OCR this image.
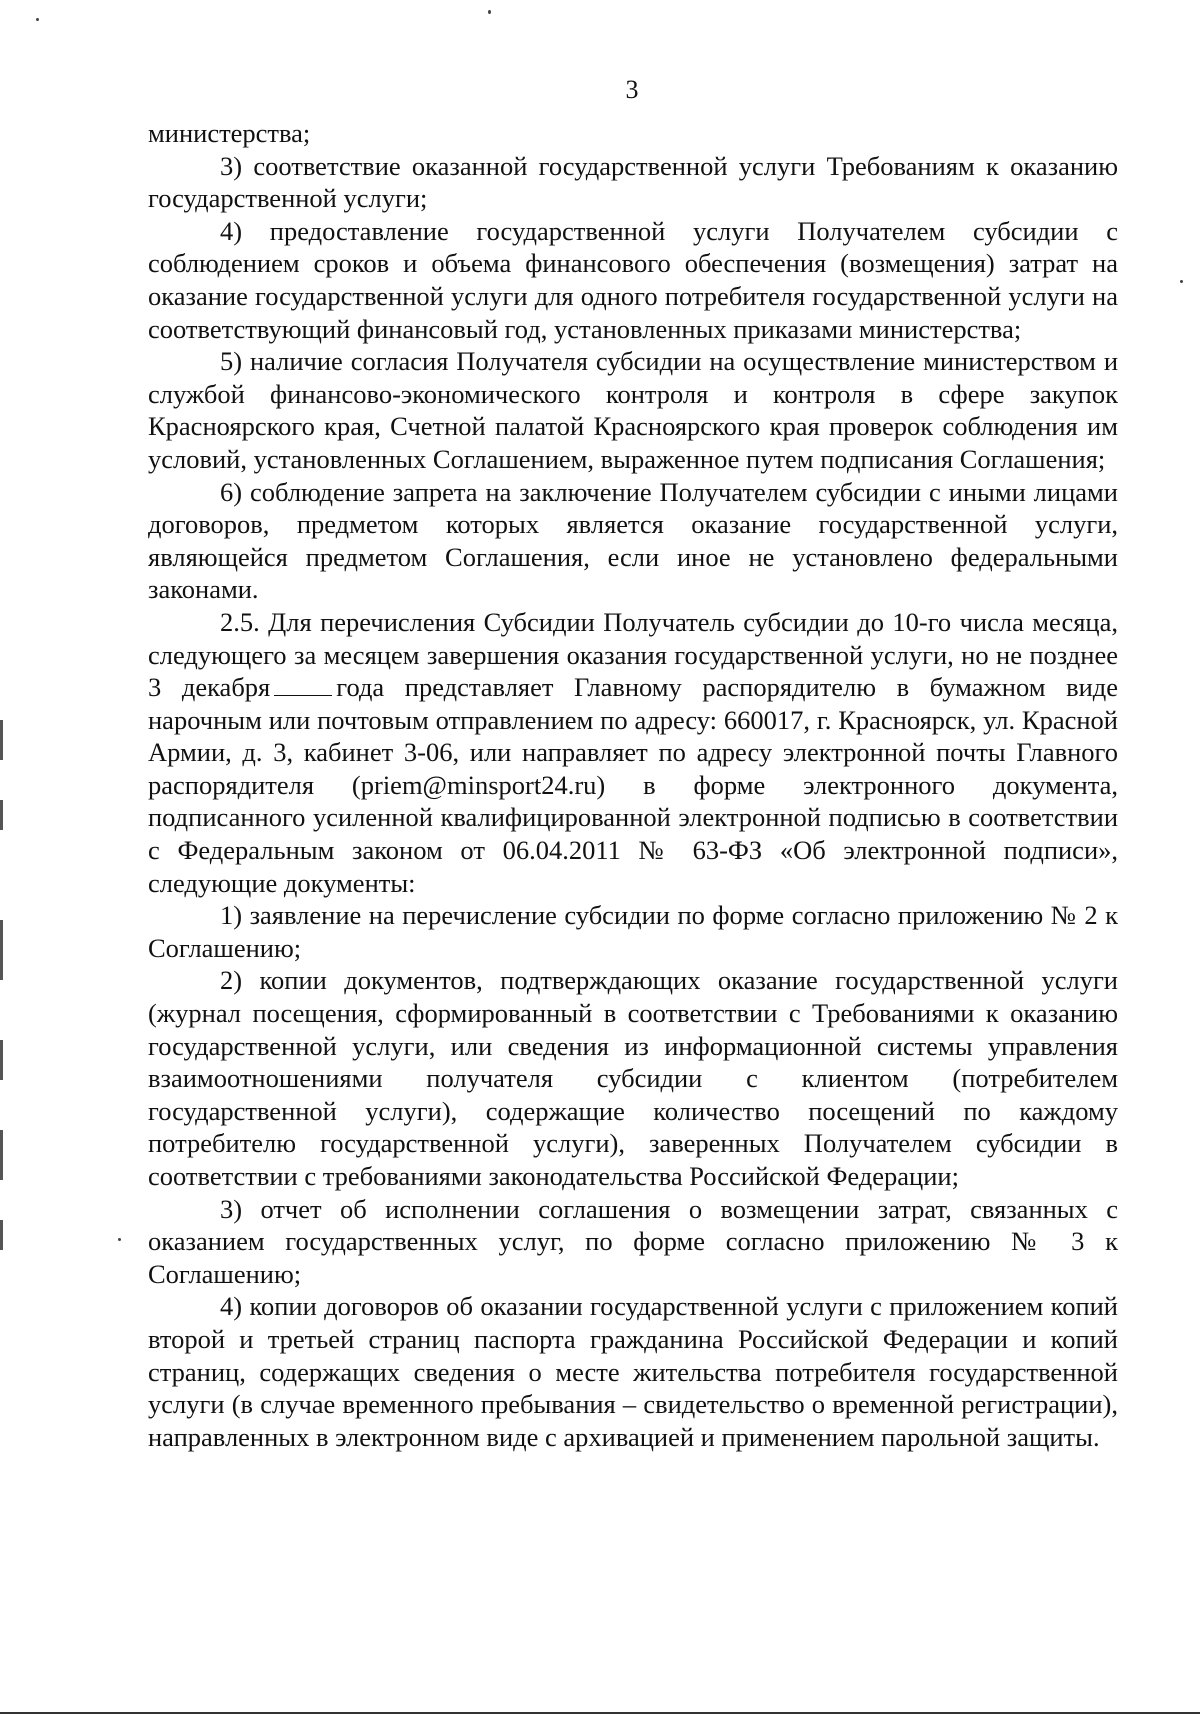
3

министерства;

3) соответствие оказанной государственной услуги Требованиям к оказанию государственной услуги;

4) предоставление государственной услуги Получателем субсидии с соблюдением сроков и объема финансового обеспечения (возмещения) затрат на оказание государственной услуги для одного потребителя государственной услуги на соответствующий финансовый год, установленных приказами министерства;

5) наличие согласия Получателя субсидии на осуществление министерством и службой финансово-экономического контроля и контроля в сфере закупок Красноярского края, Счетной палатой Красноярского края проверок соблюдения им условий, установленных Соглашением, выраженное путем подписания Соглашения;

6) соблюдение запрета на заключение Получателем субсидии с иными лицами договоров, предметом которых является оказание государственной услуги, являющейся предметом Соглашения, если иное не установлено федеральными законами.

2.5. Для перечисления Субсидии Получатель субсидии до 10-го числа месяца, следующего за месяцем завершения оказания государственной услуги, но не позднее 3 декабря года представляет Главному распорядителю в бумажном виде нарочным или почтовым отправлением по адресу: 660017, г. Красноярск, ул. Красной Армии, д. 3, кабинет 3-06, или направляет по адресу электронной почты Главного распорядителя (priem@minsport24.ru) в форме электронного документа, подписанного усиленной квалифицированной электронной подписью в соответствии с Федеральным законом от 06.04.2011 № 63-ФЗ «Об электронной подписи», следующие документы:

1) заявление на перечисление субсидии по форме согласно приложению № 2 к Соглашению;

2) копии документов, подтверждающих оказание государственной услуги (журнал посещения, сформированный в соответствии с Требованиями к оказанию государственной услуги, или сведения из информационной системы управления взаимоотношениями получателя субсидии с клиентом (потребителем государственной услуги), содержащие количество посещений по каждому потребителю государственной услуги), заверенных Получателем субсидии в соответствии с требованиями законодательства Российской Федерации;

3) отчет об исполнении соглашения о возмещении затрат, связанных с оказанием государственных услуг, по форме согласно приложению № 3 к Соглашению;

4) копии договоров об оказании государственной услуги с приложением копий второй и третьей страниц паспорта гражданина Российской Федерации и копий страниц, содержащих сведения о месте жительства потребителя государственной услуги (в случае временного пребывания – свидетельство о временной регистрации), направленных в электронном виде с архивацией и применением парольной защиты.
